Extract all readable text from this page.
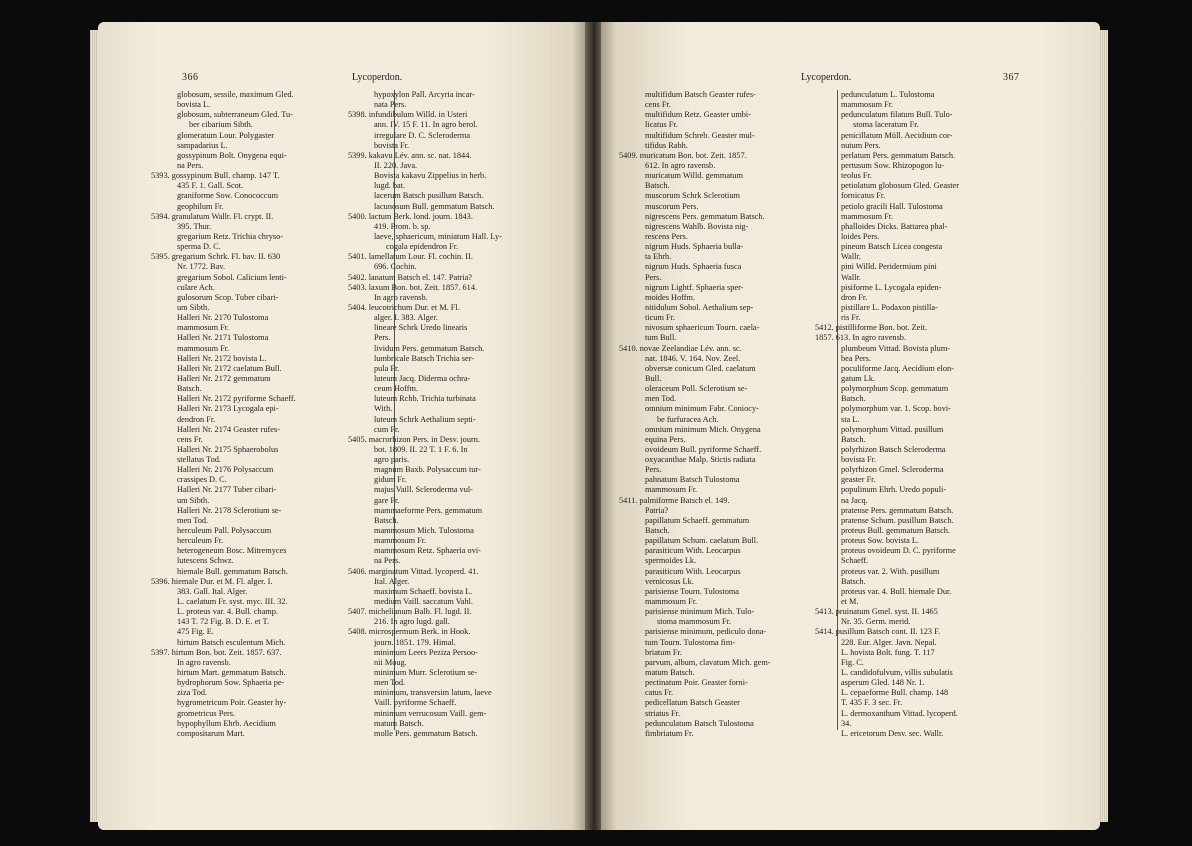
366	Lycoperdon.
globosum, sessile, maximum Gled.
bovista L.
globosum, subterraneum Gled. Tu-
ber cibarium Sibth.
glomeratum Lour. Polygaster
sampadarius L.
gossypinum Bolt. Onygena equi-
na Pers.
5393. gossypinum Bull. champ. 147 T.
435 F. 1. Gall. Scot.
graniforme Sow. Conococcum
geophilum Fr.
5394. granulatum Wallr. Fl. crypt. II.
395. Thur.
gregarium Retz. Trichia chryso-
sperma D. C.
5395. gregarium Schrk. Fl. bav. II. 630
Nr. 1772. Bav.
gregarium Sobol. Calicium lenti-
culare Ach.
gulosorum Scop. Tuber cibari-
um Sibth.
Halleri Nr. 2170 Tulostoma
mammosum Fr.
Halleri Nr. 2171 Tulostoma
mammosum Fr.
Halleri Nr. 2172 bovista L.
Halleri Nr. 2172 caelatum Bull.
Halleri Nr. 2172 gemmatum
Batsch.
Halleri Nr. 2172 pyriforme Schaeff.
Halleri Nr. 2173 Lycogala epi-
dendron Fr.
Halleri Nr. 2174 Geaster rufes-
cens Fr.
Halleri Nr. 2175 Sphaerobolus
stellatus Tod.
Halleri Nr. 2176 Polysaccum
crassipes D. C.
Halleri Nr. 2177 Tuber cibari-
um Sibth.
Halleri Nr. 2178 Sclerotium se-
men Tod.
herculeum Pall. Polysaccum
herculeum Fr.
heterogeneum Bosc. Mitremyces
lutescens Schwz.
hiemale Bull. gemmatum Batsch.
5396. hiemale Dur. et M. Fl. alger. I.
383. Gall. Ital. Alger.
L. caelatum Fr. syst. myc. III. 32.
L. proteus var. 4. Bull. champ.
143 T. 72 Fig. B. D. E. et T.
475 Fig. E.
hirtum Batsch esculentum Mich.
5397. hirtum Bon. bot. Zeit. 1857. 637.
In agro ravensb.
hirtum Mart. gemmatum Batsch.
hydrophorum Sow. Sphaeria pe-
ziza Tod.
hygrometricum Poir. Geaster hy-
grometricus Pers.
hypophyllum Ehrb. Aecidium
compositarum Mart.
hypoxylon Pall. Arcyria incar-
nata Pers.
5398. infundibulum Willd. in Usteri
ann. IV. 15 F. 11. In agro berol.
irregulare D. C. Scleroderma
bovista Fr.
5399. kakavu Lév. ann. sc. nat. 1844.
II. 220. Java.
Bovista kakavu Zippelius in herb.
lugd. bat.
lacerum Batsch pusillum Batsch.
lacunosum Bull. gemmatum Batsch.
5400. lactum Berk. lond. journ. 1843.
419. Prom. b. sp.
laeve, sphaericum, miniatum Hall. Ly-
cogala epidendron Fr.
5401. lamellatum Lour. Fl. cochin. II.
696. Cochin.
5402. lanatum Batsch el. 147. Patria?
5403. laxum Bon. bot. Zeit. 1857. 614.
In agro ravensb.
5404. leucotrichum Dur. et M. Fl.
alger. I. 383. Alger.
lineare Schrk Uredo linearis
Pers.
lividum Pers. gemmatum Batsch.
lumbricale Batsch Trichia ser-
pula Fr.
luteum Jacq. Diderma ochra-
ceum Hoffm.
luteum Rchb. Trichia turbinata
With.
luteum Schrk Aethalium septi-
cum Fr.
5405. macrorhizon Pers. in Desv. journ.
bot. 1809. II. 22 T. 1 F. 6. In
agro paris.
magnum Baxb. Polysaccum tur-
gidum Fr.
majus Vaill. Scleroderma vul-
gare Fr.
mammaeforme Pers. gemmatum
Batsch.
mammosum Mich. Tulostoma
mammosum Fr.
mammosum Retz. Sphaeria ovi-
na Pers.
5406. marginatum Vittad. lycoperd. 41.
Ital. Alger.
maximum Schaeff. bovista L.
medium Vaill. saccatum Vahl.
5407. michelianum Balb. Fl. lugd. II.
216. In agro lugd. gall.
5408. microspermum Berk. in Hook.
journ. 1851. 179. Himal.
minimum Leers Peziza Persoo-
nii Moug.
minimum Murr. Sclerotium se-
men Tod.
minimum, transversim latum, laeve
Vaill. pyriforme Schaeff.
minimum verrucosum Vaill. gem-
matum Batsch.
molle Pers. gemmatum Batsch.
Lycoperdon.	367
multifidum Batsch Geaster rufes-
cens Fr.
multifidum Retz. Geaster umbi-
licatus Fr.
multifidum Schreb. Geaster mul-
tifidus Rabh.
5409. muricatum Bon. bot. Zeit. 1857.
612. In agro ravensb.
muricatum Willd. gemmatum
Batsch.
muscorum Schrk Sclerotium
muscorum Pers.
nigrescens Pers. gemmatum Batsch.
nigrescens Wahlb. Bovista nig-
rescens Pers.
nigrum Huds. Sphaeria bulla-
ta Ehrh.
nigrum Huds. Sphaeria fusca
Pers.
nigrum Lightf. Sphaeria sper-
moides Hoffm.
nitidulum Sobol. Aethalium sep-
ticum Fr.
nivosum sphaericum Tourn. caela-
tum Bull.
5410. novae Zeelandiae Lév. ann. sc.
nat. 1846. V. 164. Nov. Zeel.
obversæ conicum Gled. caelatum
Bull.
oleraceum Poll. Sclerotium se-
men Tod.
omnium minimum Fabr. Coniocy-
be furfuracea Ach.
omnium minimum Mich. Onygena
equina Pers.
ovoideum Bull. pyriforme Schaeff.
oxyacanthae Malp. Stictis radiata
Pers.
pahnatum Batsch Tulostoma
mammosum Fr.
5411. palmiforme Batsch el. 149.
Patria?
papillatum Schaeff. gemmatum
Batsch.
papillatum Schum. caelatum Bull.
parasiticum With. Leocarpus
spermoides Lk.
parasiticum With. Leocarpus
vernicosus Lk.
parisiense Tourn. Tulostoma
mammosum Fr.
parisiense minimum Mich. Tulo-
stoma mammosum Fr.
parisiense minimum, pediculo dona-
tum Tourn. Tulostoma fim-
briatum Fr.
parvum, album, clavatum Mich. gem-
matum Batsch.
pectinatum Poir. Geaster forni-
catus Fr.
pedicellatum Batsch Geaster
striatus Fr.
pedunculatum Batsch Tulostoma
fimbriatum Fr.
pedunculatum L. Tulostoma
mammosum Fr.
pedunculatum filatum Bull. Tulo-
stoma laceratum Fr.
penicillatum Müll. Aecidium cor-
nutum Pers.
perlatum Pers. gemmatum Batsch.
pertusum Sow. Rhizopogon lu-
teolus Fr.
petiolatum globosum Gled. Geaster
fornicatus Fr.
petiolo gracili Hall. Tulostoma
mammosum Fr.
phalloides Dicks. Battarea phal-
loides Pers.
pineum Batsch Licea congesta
Wallr.
pini Willd. Peridermium pini
Wallr.
pisiforme L. Lycogala epiden-
dron Fr.
pistillare L. Podaxon pistilla-
ris Fr.
5412. pistilliforme Bon. bot. Zeit.
1857. 613. In agro ravensb.
plumbeum Vittad. Bovista plum-
bea Pers.
poculiforme Jacq. Aecidium elon-
gatum Lk.
polymorphum Scop. gemmatum
Batsch.
polymorphum var. 1. Scop. bovi-
sta L.
polymorphum Vittad. pusillum
Batsch.
polyrhizon Batsch Scleroderma
bovista Fr.
polyrhizon Gmel. Scleroderma
geaster Fr.
populinum Ehrh. Uredo populi-
na Jacq.
pratense Pers. gemmatum Batsch.
pratense Schum. pusillum Batsch.
proteus Bull. gemmatum Batsch.
proteus Sow. bovista L.
proteus ovoideum D. C. pyriforme
Schaeff.
proteus var. 2. With. pusillum
Batsch.
proteus var. 4. Bull. hiemale Dur.
et M.
5413. pruinatum Gmel. syst. II. 1465
Nr. 35. Germ. merid.
5414. pusillum Batsch cont. II. 123 F.
228. Eur. Alger. Javn. Nepal.
L. hovista Bolt. fung. T. 117
Fig. C.
L. candidofulvum, villis subulatis
asperum Gled. 148 Nr. 1.
L. cepaeforme Bull. champ. 148
T. 435 F. 3 sec. Fr.
L. dermoxanthum Vittad. lycoperd.
34.
L. ericetorum Desv. sec. Wallr.
